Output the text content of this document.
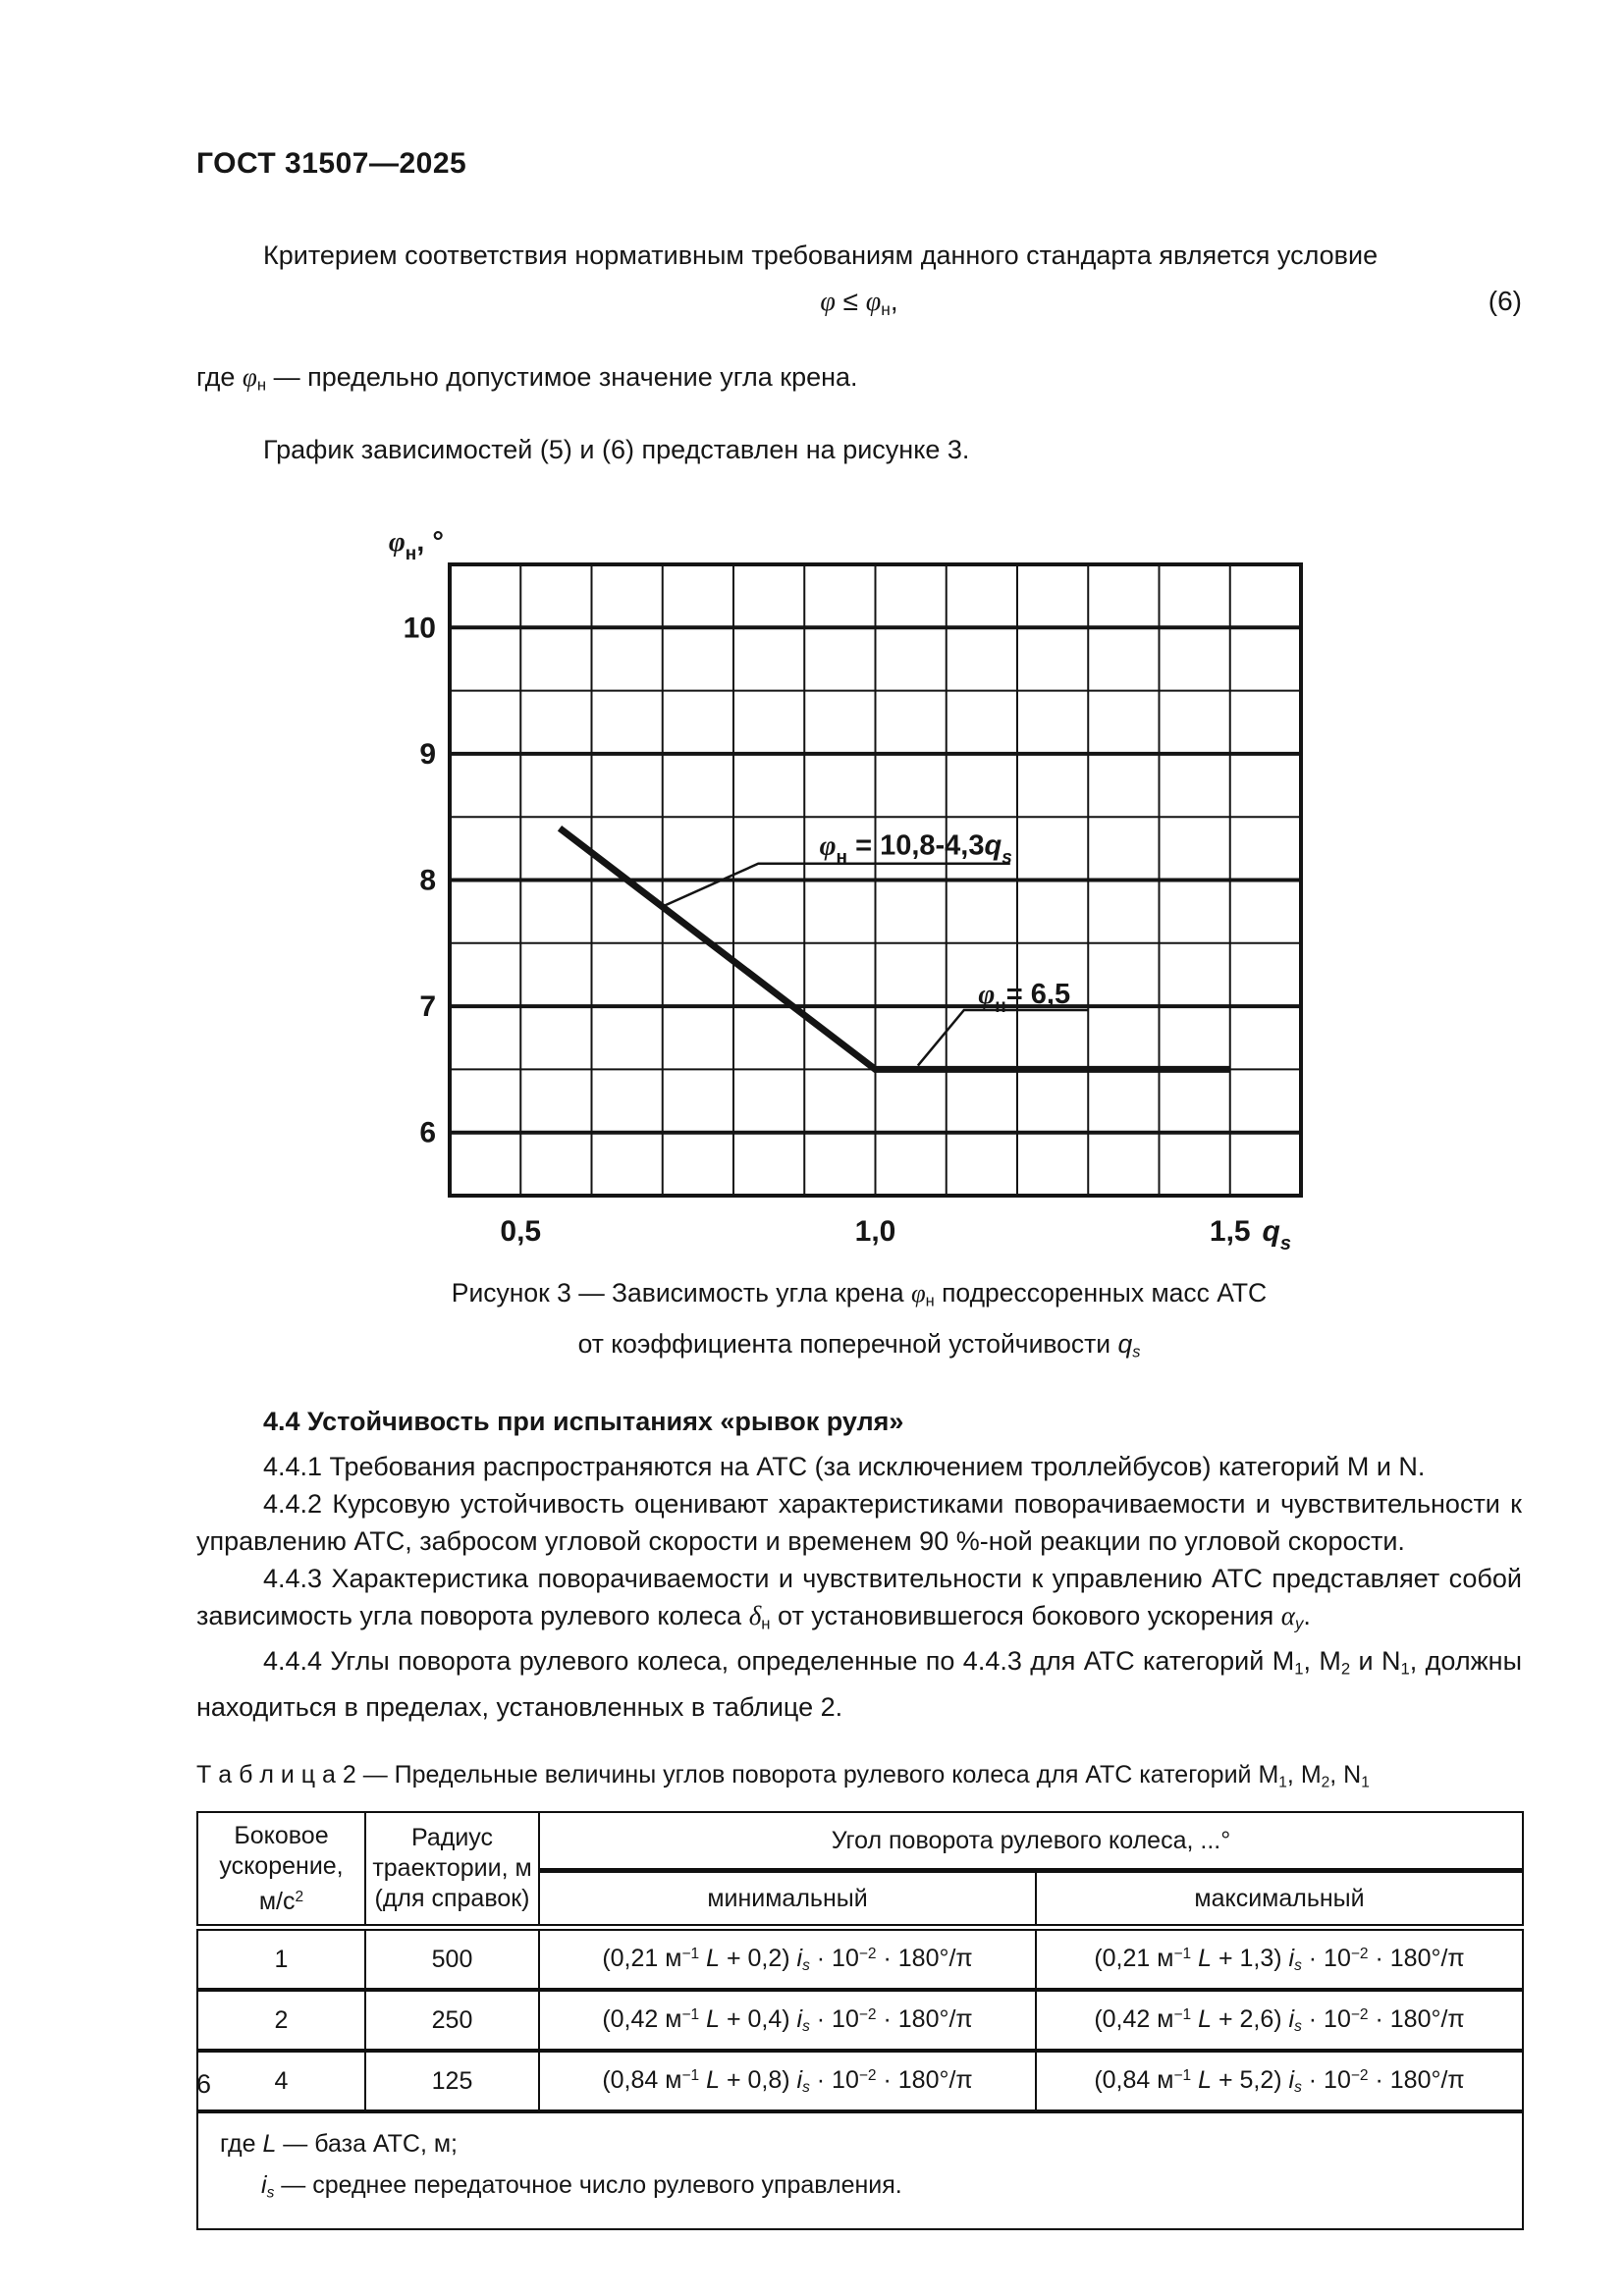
ГОСТ 31507—2025
Критерием соответствия нормативным требованиям данного стандарта является условие
φ ≤ φн,	(6)
где φн — предельно допустимое значение угла крена.
График зависимостей (5) и (6) представлен на рисунке 3.
10
9
8
7
6
0,5	1,0	1,5
$\varphi_н$, °
$q_s$
$\varphi_н = 10,8-4,3q_s$
$\varphi_н= 6,5$
Рисунок 3 — Зависимость угла крена φн подрессоренных масс АТС
от коэффициента поперечной устойчивости qs
4.4 Устойчивость при испытаниях «рывок руля»
4.4.1 Требования распространяются на АТС (за исключением троллейбусов) категорий M и N.
4.4.2 Курсовую устойчивость оценивают характеристиками поворачиваемости и чувствительности к управлению АТС, забросом угловой скорости и временем 90 %-ной реакции по угловой скорости.
4.4.3 Характеристика поворачиваемости и чувствительности к управлению АТС представляет собой зависимость угла поворота рулевого колеса δн от установившегося бокового ускорения αy.
4.4.4 Углы поворота рулевого колеса, определенные по 4.4.3 для АТС категорий M1, M2 и N1, должны находиться в пределах, установленных в таблице 2.
Т а б л и ц а 2 — Предельные величины углов поворота рулевого колеса для АТС категорий M1, M2, N1
Боковое ускорение, $м/с^2$	Радиус траектории, м (для справок)	Угол поворота рулевого колеса, ...°	
		минимальный	максимальный
1	500	(0,21 $м^{-1}$ L + 0,2) is · $10^{-2} \cdot 180^\circ/\pi$	(0,21 $м^{-1}$ L + 1,3) is · $10^{-2} \cdot 180^\circ/\pi$
2	250	(0,42 $м^{-1}$ L + 0,4) is · $10^{-2} \cdot 180^\circ/\pi$	(0,42 $м^{-1}$ L + 2,6) is · $10^{-2} \cdot 180^\circ/\pi$
4	125	(0,84 $м^{-1}$ L + 0,8) is · $10^{-2} \cdot 180^\circ/\pi$	(0,84 $м^{-1}$ L + 5,2) is · $10^{-2} \cdot 180^\circ/\pi$

где L — база АТС, м;
is — среднее передаточное число рулевого управления.			
6
